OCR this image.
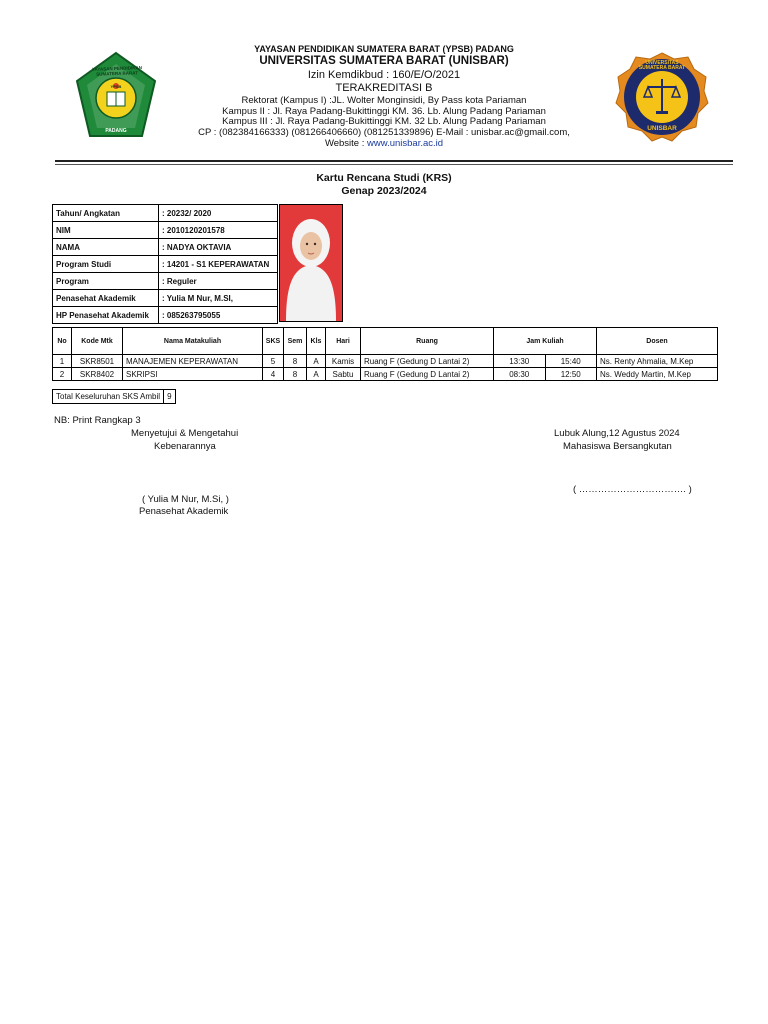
YAYASAN PENDIDIKAN SUMATERA BARAT
YPSB
PADANG
UNIVERSITAS SUMATERA BARAT
UNISBAR
YAYASAN PENDIDIKAN SUMATERA BARAT (YPSB) PADANG
UNIVERSITAS SUMATERA BARAT (UNISBAR)
Izin Kemdikbud : 160/E/O/2021
TERAKREDITASI B
Rektorat (Kampus I) :JL. Wolter Monginsidi, By Pass kota Pariaman
Kampus II : Jl. Raya Padang-Bukittinggi KM. 36. Lb. Alung Padang Pariaman
Kampus III : Jl. Raya Padang-Bukittinggi KM. 32 Lb. Alung Padang Pariaman
CP : (082384166333) (081266406660) (081251339896) E-Mail : unisbar.ac@gmail.com,
Website : www.unisbar.ac.id
Kartu Rencana Studi (KRS)
Genap 2023/2024
Tahun/ Angkatan	: 20232/ 2020
NIM	: 2010120201578
NAMA	: NADYA OKTAVIA
Program Studi	: 14201 - S1 KEPERAWATAN
Program	: Reguler
Penasehat Akademik	: Yulia M Nur, M.SI,
HP Penasehat Akademik	: 085263795055
No	Kode Mtk	Nama Matakuliah	SKS	Sem	Kls	Hari	Ruang	Jam Kuliah		Dosen
1	SKR8501	MANAJEMEN KEPERAWATAN	5	8	A	Kamis	Ruang F (Gedung D Lantai 2)	13:30	15:40	Ns. Renty Ahmalia, M.Kep
2	SKR8402	SKRIPSI	4	8	A	Sabtu	Ruang F (Gedung D Lantai 2)	08:30	12:50	Ns. Weddy Martin, M.Kep
Total Keseluruhan SKS Ambil	9
NB: Print Rangkap 3
Menyetujui & Mengetahui
Kebenarannya
Lubuk Alung,12 Agustus 2024
Mahasiswa Bersangkutan
( ……………………………. )
( Yulia M Nur, M.Si, )
Penasehat Akademik
